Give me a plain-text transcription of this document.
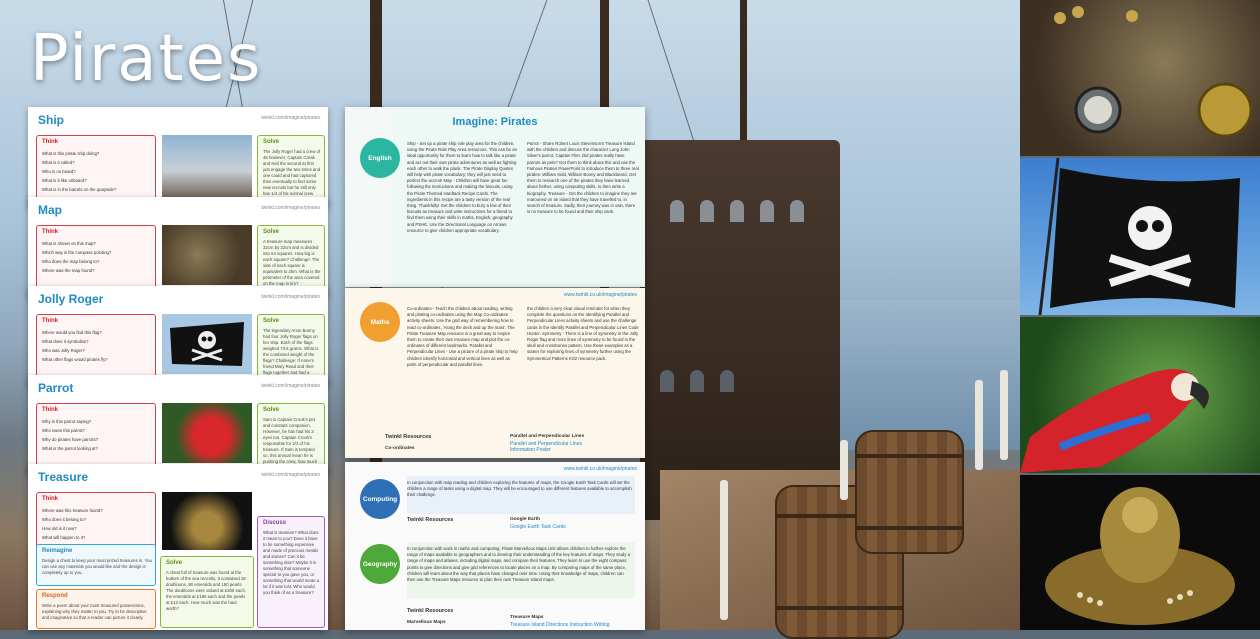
Pirates
Ship	twinkl.com/imagine/pirates
Think
What is this pirate ship doing?
What is it called?
Who is on board?
What is it like onboard?
What is in the barrels on the quayside?
Solve
The Jolly Roger had a crew of 48 however, Captain Creak and Neil the second at first just engage the two times and one could and had captured then eventually to find some new recruits but he still only has 1/4 of his normal crew
Map	twinkl.com/imagine/pirates
Think
What is shown on this map?
Which way is the compass pointing?
Who does the map belong to?
Where was the map found?
Solve
A treasure map measures 32cm by 32cm and is divided into 64 squares. How big is each square? Challenge: The side of each square is equivalent to 2km. What is the perimeter of the area covered on the map in km?
Jolly Roger	twinkl.com/imagine/pirates
Think
Where would you find this flag?
What does it symbolise?
Who was Jolly Roger?
What other flags would pirates fly?
Solve
The legendary Anne Bonny had four Jolly Roger flags on her ship. Each of the flags weighed 73.6 grams. What is the combined weight of the flags? Challenge: If Anne's friend Mary Read and their flags together and had a
Parrot	twinkl.com/imagine/pirates
Think
Why is this parrot saying?
Who owns this parrot?
Why do pirates have parrots?
What is the parrot looking at?
Solve
Sam is Captain Crook's pet and constant companion. However, he has had his 3 eyes too. Captain Crook's responsible for 2/3 of his treasure. If Sam is tempted so, this annual mean he is pushing the crew, how much
Treasure	twinkl.com/imagine/pirates
Think
Where was this treasure found?
Who does it belong to?
How old is it now?
What will happen to it?
Discuss
What is treasure? What does it mean to you? Does it have to be something expensive and made of precious metals and stones? Can it be something else? Maybe it is something that someone special to you gave you, or something that would mean a lot if it was lost. Who would you think of as a treasure?
Reimagine
Design a chest to keep your most prized treasures in. You can use any materials you would like and the design is completely up to you.
Solve
A chest full of treasure was found at the bottom of the sea recently. It contained 18 doubloons, 90 emeralds and 150 pearls. The doubloons were valued at £300 each, the emeralds at £180 each and the pearls at £12 each. How much was the haul worth?
Respond
Write a poem about your most treasured possessions, explaining why they matter to you. Try to be descriptive and imaginative so that a reader can picture it clearly.
Imagine: Pirates
English
Ship - Set up a pirate ship role play area for the children, using the Pirate Role Play Area resources. This can be an ideal opportunity for them to learn how to talk like a pirate and act out their own pirate adventures as well as fighting each other to walk the plank. The Pirate Display Quotes will help with pirate vocabulary; they will just need to perfect the accent! Map - Children will have great fun following the instructions and making the biscuits, using the Pirate Themed Hardtack Recipe Cards. The ingredients in this recipe are a tasty version of the real thing. Thankfully! Get the children to bury a few of their biscuits as treasure and write instructions for a friend to find them using their skills in maths, English, geography and PSHE. Use the Directional Language on Arrows resource to give children appropriate vocabulary.
Parrot - Share Robert Louis Stevenson's Treasure Island with the children and discuss the character Long John Silver's parrot, Captain Flint. Did pirates really have parrots as pets? Get them to think about this and use the Famous Pirates PowerPoint to introduce them to three real pirates: William Kidd, William Bonny and Blackbeard. Get them to research one of the pirates they have learned about further, using computing skills, to then write a biography. Treasure - Get the children to imagine they are marooned on an island that they have travelled to, in search of treasure. Sadly, their journey was in vain, there is no treasure to be found and their ship sank.
www.twinkl.co.uk/imagine/pirates
Maths
Co-ordinates - Teach the children about reading, writing and plotting co-ordinates using the Map Co-ordinates activity sheets. Use the grid way of remembering how to read co-ordinates, 'Along the deck and up the mast'. The Pirate Treasure Map resource is a great way to inspire them to create their own treasure map and plot the co-ordinates of different landmarks. Parallel and Perpendicular Lines - Use a picture of a pirate ship to help children identify horizontal and vertical lines as well as parts of perpendicular and parallel lines.
the children a very clear visual reminder for when they complete the questions on the Identifying Parallel and Perpendicular Lines activity sheets and use the challenge cards in the Identify Parallel and Perpendicular Lines Code Hunter. Symmetry - There is a line of symmetry in the Jolly Roger flag and more lines of symmetry to be found in the skull and crossbones pattern. Use these examples as a starter for exploring lines of symmetry further using the Symmetrical Patterns KS2 resource pack.
Twinkl Resources
Co-ordinates
Parallel and Perpendicular Lines
Parallel and Perpendicular Lines
Information Poster
www.twinkl.co.uk/imagine/pirates
Computing
In conjunction with map reading and children exploring the features of maps, the Google Earth Task Cards will set the children a range of tasks using a digital map. They will be encouraged to use different features available to accomplish their challenge.
Twinkl Resources	Google Earth
Google Earth Task Cards
Geography
In conjunction with work in maths and computing, Pirate Marvellous Maps Unit allows children to further explore the range of maps available to geographers and to develop their understanding of the key features of maps. They study a range of maps and atlases, including digital maps, and compare their features. They learn to use the eight compass points to give directions and give grid references to locate places on a map. By comparing maps of the same place, children will learn about the way that places have changed over time. Using their knowledge of maps, children can then use the Treasure Maps resource to plan their own Treasure Island maps.
Twinkl Resources
Marvellous Maps
Treasure Maps
Treasure Island Directions Instruction Writing
